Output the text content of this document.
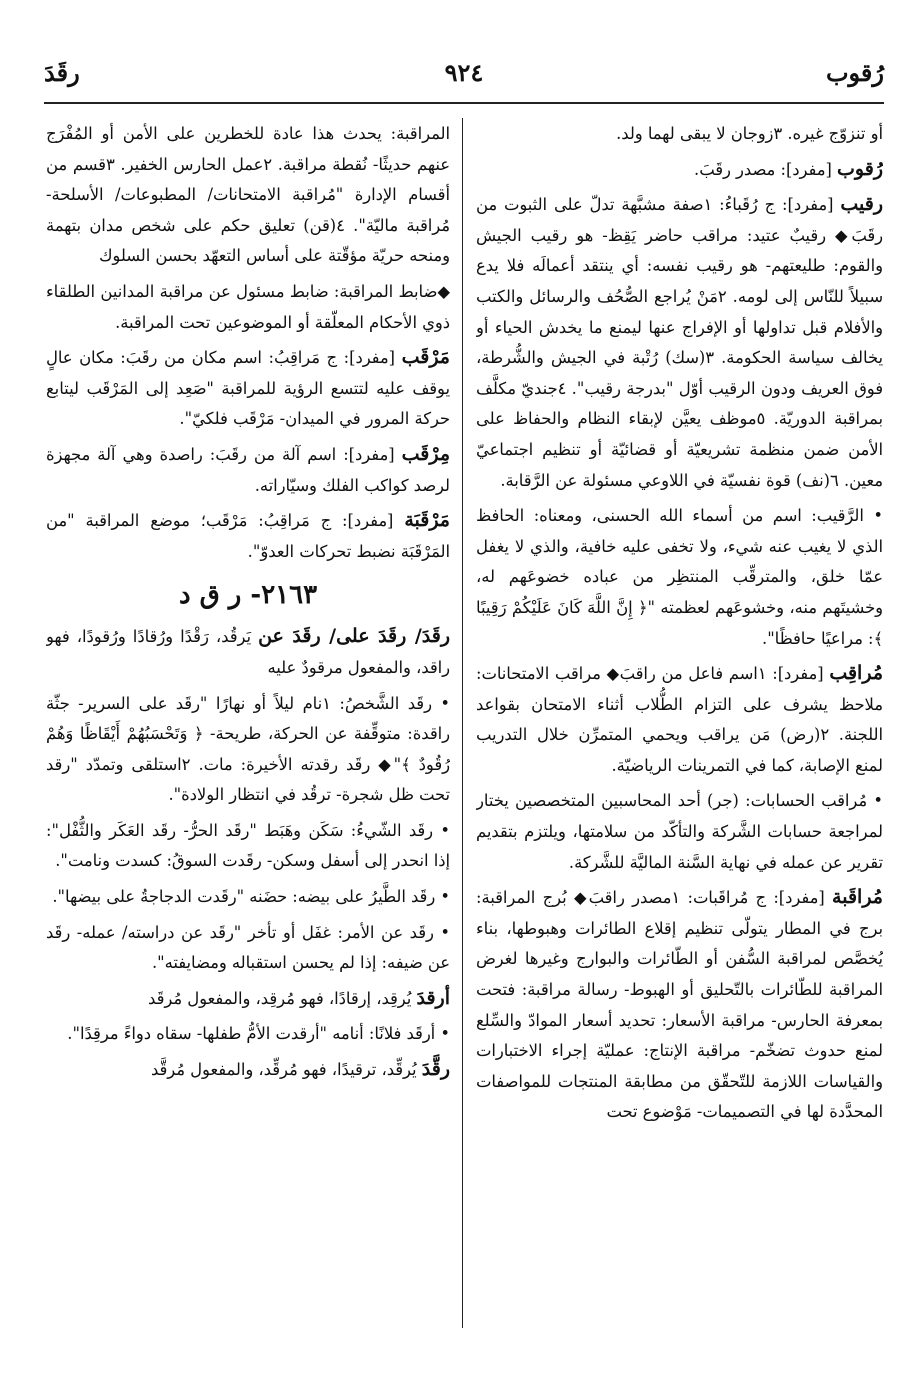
رُقوب
٩٢٤
رقَدَ

أو تنزوّج غيره. ٣زوجان لا يبقى لهما ولد.

رُقوب [مفرد]: مصدر رقَبَ.

رقيب [مفرد]: ج رُقَباءُ: ١صفة مشبَّهة تدلّ على الثبوت من رقَبَ◆ رقيبٌ عتيد: مراقب حاضر يَقِظ- هو رقيب الجيش والقوم: طليعتهم- هو رقيب نفسه: أي ينتقد أعمالَه فلا يدع سبيلاً للنّاس إلى لومه. ٢مَنْ يُراجع الصُّحُف والرسائل والكتب والأفلام قبل تداولها أو الإفراج عنها ليمنع ما يخدش الحياء أو يخالف سياسة الحكومة. ٣(سك) رُتْبة في الجيش والشُّرطة، فوق العريف ودون الرقيب أوّل "بدرجة رقيب". ٤جنديّ مكلَّف بمراقبة الدوريّة. ٥موظف يعيَّن لإبقاء النظام والحفاظ على الأمن ضمن منظمة تشريعيّة أو قضائيّة أو تنظيم اجتماعيّ معين. ٦(نف) قوة نفسيّة في اللاوعي مسئولة عن الرَّقابة.

• الرَّقيب: اسم من أسماء الله الحسنى، ومعناه: الحافظ الذي لا يغيب عنه شيء، ولا تخفى عليه خافية، والذي لا يغفل عمّا خلق، والمترقِّب المنتظِر من عباده خضوعَهم له، وخشيتَهم منه، وخشوعَهم لعظمته "﴿ إِنَّ اللَّهَ كَانَ عَلَيْكُمْ رَقِيبًا ﴾: مراعيًا حافظًا".

مُراقِب [مفرد]: ١اسم فاعل من راقبَ◆ مراقب الامتحانات: ملاحظ يشرف على التزام الطُّلاب أثناء الامتحان بقواعد اللجنة. ٢(رض) مَن يراقب ويحمي المتمرِّن خلال التدريب لمنع الإصابة، كما في التمرينات الرياضيّة.

• مُراقب الحسابات: (جر) أحد المحاسبين المتخصصين يختار لمراجعة حسابات الشَّركة والتأكّد من سلامتها، ويلتزم بتقديم تقرير عن عمله في نهاية السَّنة الماليَّة للشَّركة.

مُراقَبة [مفرد]: ج مُراقَبات: ١مصدر راقبَ◆ بُرج المراقبة: برج في المطار يتولّى تنظيم إقلاع الطائرات وهبوطها، بناء يُخصَّص لمراقبة السُّفن أو الطّائرات والبوارج وغيرها لغرض المراقبة للطّائرات بالتّحليق أو الهبوط- رسالة مراقبة: فتحت بمعرفة الحارس- مراقبة الأسعار: تحديد أسعار الموادّ والسِّلع لمنع حدوث تضخّم- مراقبة الإنتاج: عمليّة إجراء الاختبارات والقياسات اللازمة للتّحقّق من مطابقة المنتجات للمواصفات المحدَّدة لها في التصميمات- مَوْضوع تحت

المراقبة: يحدث هذا عادة للخطرين على الأمن أو المُفْرَج عنهم حديثًا- نُقطة مراقبة. ٢عمل الحارس الخفير. ٣قسم من أقسام الإدارة "مُراقبة الامتحانات/ المطبوعات/ الأسلحة- مُراقبة ماليّة". ٤(قن) تعليق حكم على شخص مدان بتهمة ومنحه حريّة مؤقّتة على أساس التعهّد بحسن السلوك

◆ضابط المراقبة: ضابط مسئول عن مراقبة المدانين الطلقاء ذوي الأحكام المعلّقة أو الموضوعين تحت المراقبة.

مَرْقَب [مفرد]: ج مَراقِبُ: اسم مكان من رقَبَ: مكان عالٍ يوقف عليه لتتسع الرؤية للمراقبة "صَعِد إلى المَرْقَب ليتابع حركة المرور في الميدان- مَرْقَب فلكيّ".

مِرْقَب [مفرد]: اسم آلة من رقَبَ: راصدة وهي آلة مجهزة لرصد كواكب الفلك وسيّاراته.

مَرْقَبَة [مفرد]: ج مَراقِبُ: مَرْقَب؛ موضع المراقبة "من المَرْقَبَة نضبط تحركات العدوّ".

٢١٦٣- ر ق د

رقَدَ/ رقَدَ على/ رقَدَ عن يَرقُد، رَقْدًا ورُقادًا ورُقودًا، فهو راقد، والمفعول مرقودٌ عليه

• رقَد الشَّخصُ: ١نام ليلاً أو نهارًا "رقَد على السرير- جثّة راقدة: متوقِّفة عن الحركة، طريحة- ﴿ وَتَحْسَبُهُمْ أَيْقَاظًا وَهُمْ رُقُودٌ ﴾"◆ رقَد رقدته الأخيرة: مات. ٢استلقى وتمدّد "رقد تحت ظل شجرة- ترقُد في انتظار الولادة".

• رقَد الشّيءُ: سَكَن وهَبَط "رقَد الحرُّ- رقَد العَكَر والثُّفْل": إذا انحدر إلى أسفل وسكن- رقَدت السوقُ: كسدت ونامت".

• رقَد الطَّيرُ على بيضه: حضَنه "رقَدت الدجاجةُ على بيضها".

• رقَد عن الأمر: غفَل أو تأخر "رقَد عن دراسته/ عمله- رقَد عن ضيفه: إذا لم يحسن استقباله ومضايفته".

أرقدَ يُرقِد، إرقادًا، فهو مُرقِد، والمفعول مُرقَد

• أرقَد فلانًا: أنامه "أرقدت الأمُّ طفلها- سقاه دواءً مرقِدًا".

رقَّدَ يُرقِّد، ترقيدًا، فهو مُرقِّد، والمفعول مُرقَّد
